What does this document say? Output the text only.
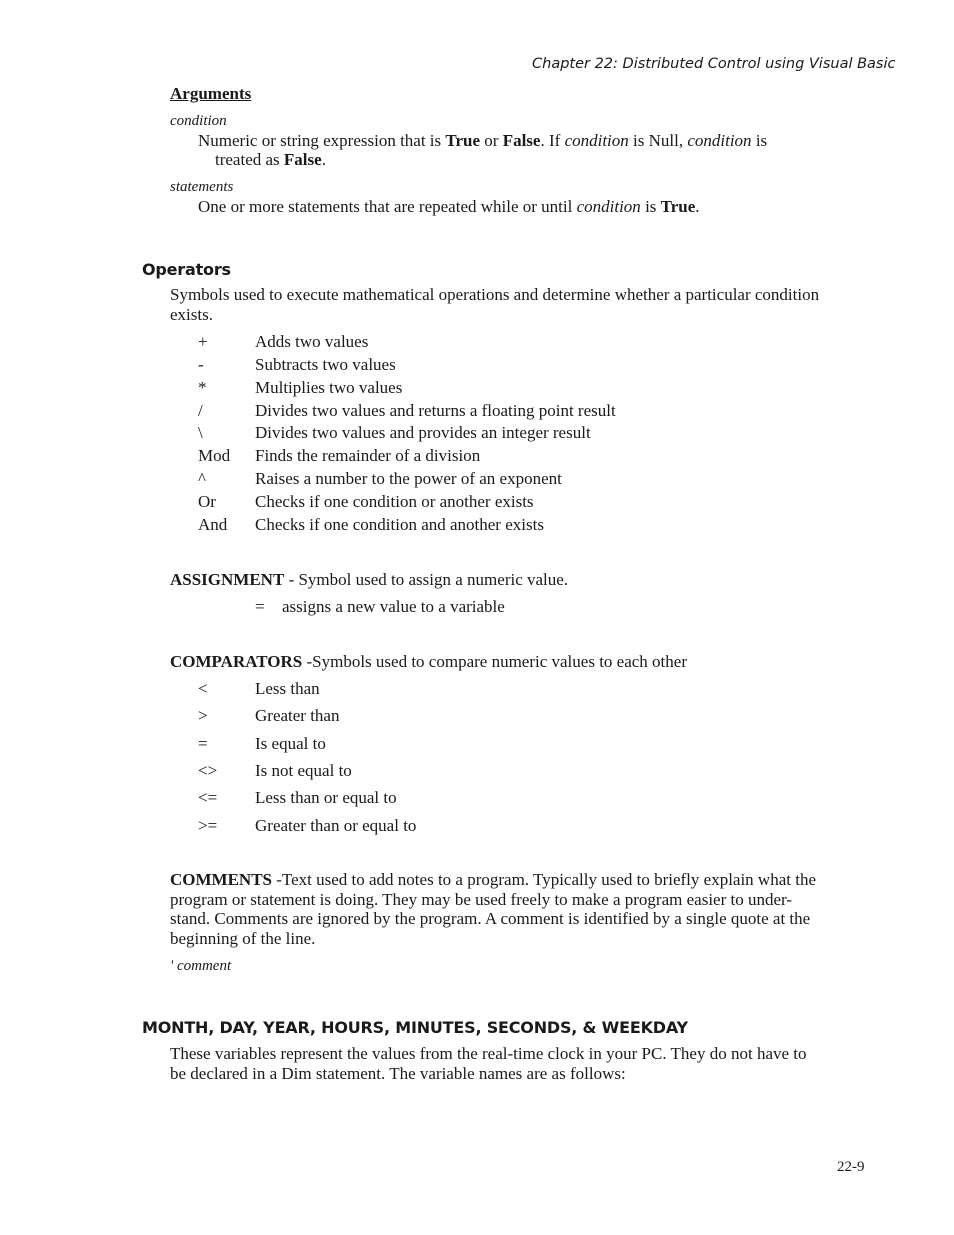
Chapter 22: Distributed Control using Visual Basic
Arguments
condition
Numeric or string expression that is True or False. If condition is Null, condition is
treated as False.
statements
One or more statements that are repeated while or until condition is True.
Operators
Symbols used to execute mathematical operations and determine whether a particular condition
exists.
+	Adds two values
-	Subtracts two values
*	Multiplies two values
/	Divides two values and returns a floating point result
\	Divides two values and provides an integer result
Mod Finds the remainder of a division
^	Raises a number to the power of an exponent
Or Checks if one condition or another exists
And Checks if one condition and another exists
ASSIGNMENT - Symbol used to assign a numeric value.
= assigns a new value to a variable
COMPARATORS -Symbols used to compare numeric values to each other
<	Less than
>	Greater than
=	Is equal to
<> Is not equal to
<= Less than or equal to
>= Greater than or equal to
COMMENTS -Text used to add notes to a program. Typically used to briefly explain what the
program or statement is doing. They may be used freely to make a program easier to under-
stand. Comments are ignored by the program. A comment is identified by a single quote at the
beginning of the line.
' comment
MONTH, DAY, YEAR, HOURS, MINUTES, SECONDS, & WEEKDAY
These variables represent the values from the real-time clock in your PC. They do not have to
be declared in a Dim statement. The variable names are as follows:
22-9
